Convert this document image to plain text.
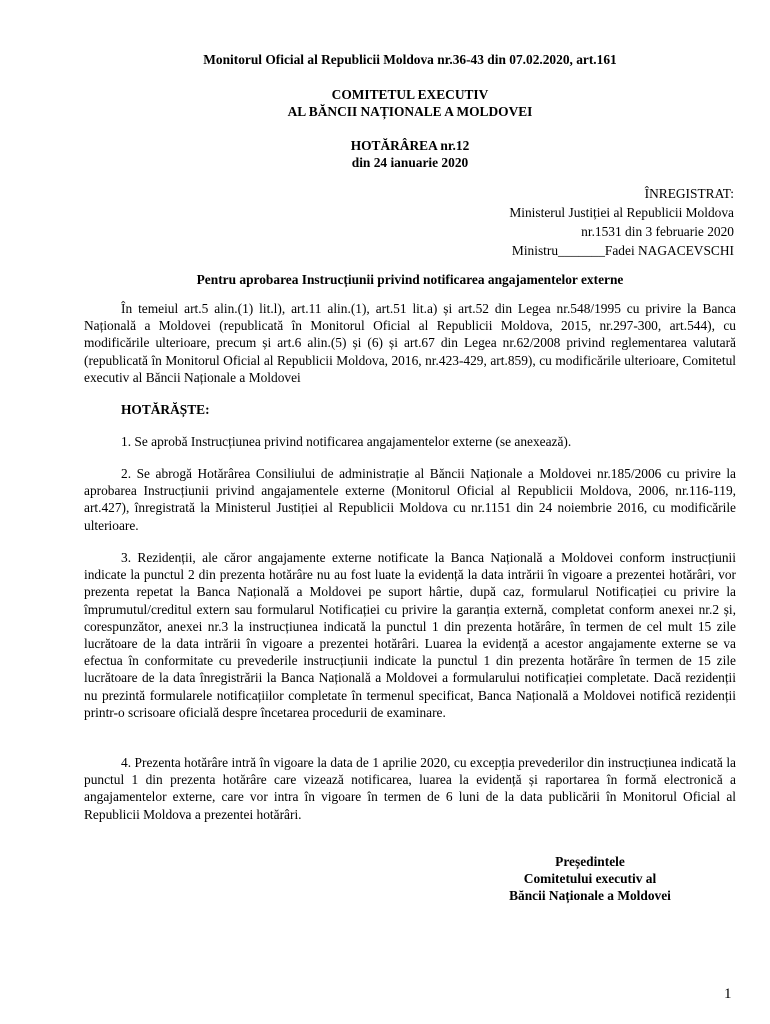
Monitorul Oficial al Republicii Moldova nr.36-43 din 07.02.2020, art.161

COMITETUL EXECUTIV

AL BĂNCII NAȚIONALE A MOLDOVEI

HOTĂRÂREA nr.12

din 24 ianuarie 2020

ÎNREGISTRAT:
Ministerul Justiției al Republicii Moldova
nr.1531 din 3 februarie 2020
Ministru_______Fadei NAGACEVSCHI

Pentru aprobarea Instrucțiunii privind notificarea angajamentelor externe

În temeiul art.5 alin.(1) lit.l), art.11 alin.(1), art.51 lit.a) și art.52 din Legea nr.548/1995 cu privire la Banca Națională a Moldovei (republicată în Monitorul Oficial al Republicii Moldova, 2015, nr.297-300, art.544), cu modificările ulterioare, precum și art.6 alin.(5) și (6) și art.67 din Legea nr.62/2008 privind reglementarea valutară (republicată în Monitorul Oficial al Republicii Moldova, 2016, nr.423-429, art.859), cu modificările ulterioare, Comitetul executiv al Băncii Naționale a Moldovei

HOTĂRĂȘTE:

1. Se aprobă Instrucțiunea privind notificarea angajamentelor externe (se anexează).

2. Se abrogă Hotărârea Consiliului de administrație al Băncii Naționale a Moldovei nr.185/2006 cu privire la aprobarea Instrucțiunii privind angajamentele externe (Monitorul Oficial al Republicii Moldova, 2006, nr.116-119, art.427), înregistrată la Ministerul Justiției al Republicii Moldova cu nr.1151 din 24 noiembrie 2016, cu modificările ulterioare.

3. Rezidenții, ale căror angajamente externe notificate la Banca Națională a Moldovei conform instrucțiunii indicate la punctul 2 din prezenta hotărâre nu au fost luate la evidență la data intrării în vigoare a prezentei hotărâri, vor prezenta repetat la Banca Națională a Moldovei pe suport hârtie, după caz, formularul Notificației cu privire la împrumutul/creditul extern sau formularul Notificației cu privire la garanția externă, completat conform anexei nr.2 și, corespunzător, anexei nr.3 la instrucțiunea indicată la punctul 1 din prezenta hotărâre, în termen de cel mult 15 zile lucrătoare de la data intrării în vigoare a prezentei hotărâri. Luarea la evidență a acestor angajamente externe se va efectua în conformitate cu prevederile instrucțiunii indicate la punctul 1 din prezenta hotărâre în termen de 15 zile lucrătoare de la data înregistrării la Banca Națională a Moldovei a formularului notificației completate. Dacă rezidenții nu prezintă formularele notificațiilor completate în termenul specificat, Banca Națională a Moldovei notifică rezidenții printr-o scrisoare oficială despre încetarea procedurii de examinare.

4. Prezenta hotărâre intră în vigoare la data de 1 aprilie 2020, cu excepția prevederilor din instrucțiunea indicată la punctul 1 din prezenta hotărâre care vizează notificarea, luarea la evidență și raportarea în formă electronică a angajamentelor externe, care vor intra în vigoare în termen de 6 luni de la data publicării în Monitorul Oficial al Republicii Moldova a prezentei hotărâri.

Președintele
Comitetului executiv al
Băncii Naționale a Moldovei
1
